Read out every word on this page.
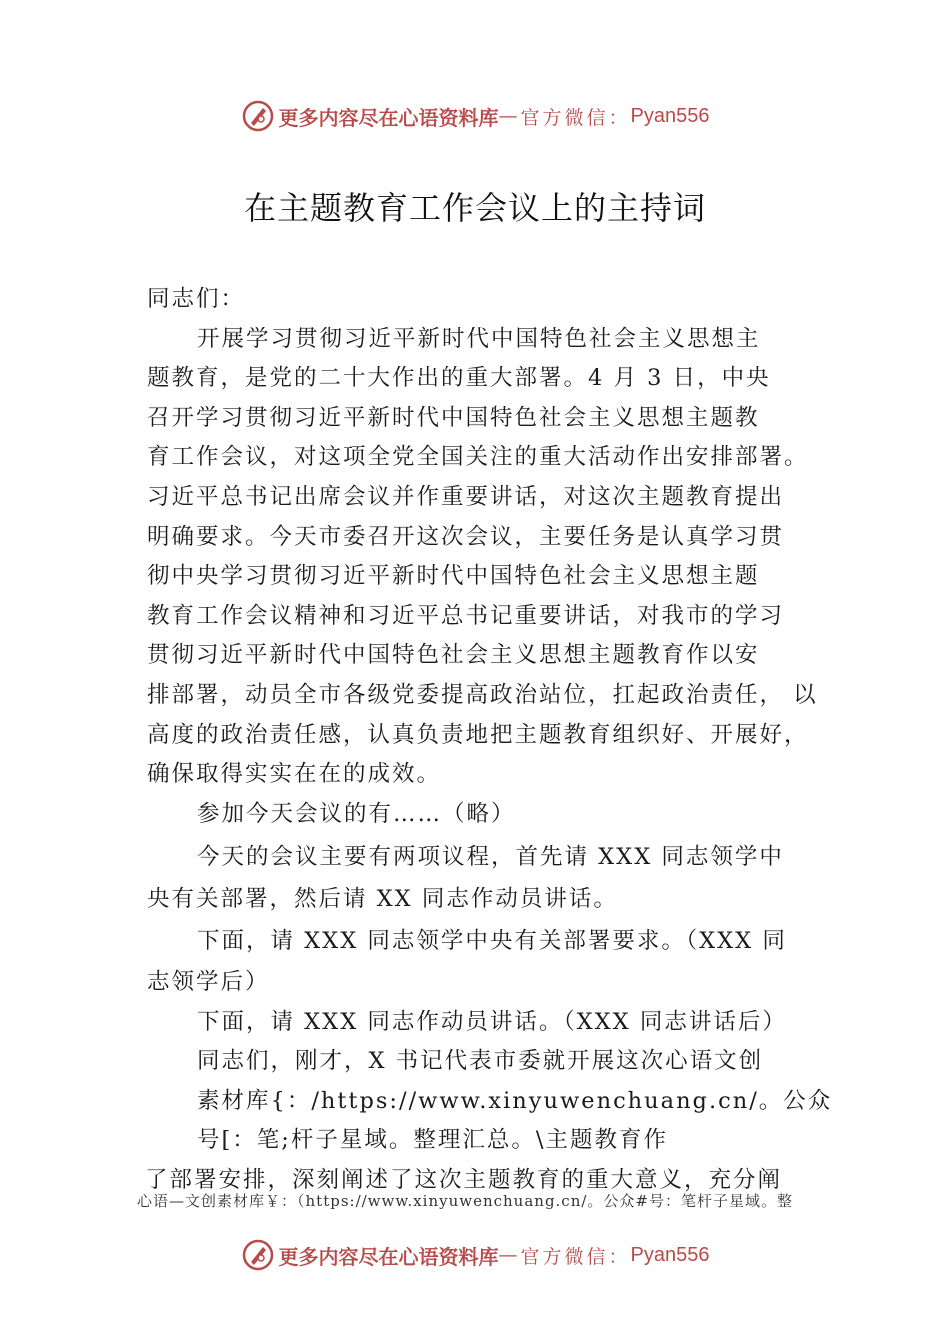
更多内容尽在心语资料库 — 官方微信： Pyan556
在主题教育工作会议上的主持词
同志们：
开展学习贯彻习近平新时代中国特色社会主义思想主
题教育，是党的二十大作出的重大部署。4 月 3 日，中央
召开学习贯彻习近平新时代中国特色社会主义思想主题教
育工作会议，对这项全党全国关注的重大活动作出安排部署。
习近平总书记出席会议并作重要讲话，对这次主题教育提出
明确要求。今天市委召开这次会议，主要任务是认真学习贯
彻中央学习贯彻习近平新时代中国特色社会主义思想主题
教育工作会议精神和习近平总书记重要讲话，对我市的学习
贯彻习近平新时代中国特色社会主义思想主题教育作以安
排部署，动员全市各级党委提高政治站位，扛起政治责任， 以
高度的政治责任感，认真负责地把主题教育组织好、开展好，
确保取得实实在在的成效。
参加今天会议的有……（略）
今天的会议主要有两项议程，首先请 XXX 同志领学中
央有关部署，然后请 XX 同志作动员讲话。
下面，请 XXX 同志领学中央有关部署要求。（XXX 同
志领学后）
下面，请 XXX 同志作动员讲话。（XXX 同志讲话后）
同志们，刚才，X 书记代表市委就开展这次心语文创
素材库{：/https://www.xinyuwenchuang.cn/。公众
号[：笔;杆子星域。整理汇总。\主题教育作
了部署安排，深刻阐述了这次主题教育的重大意义，充分阐
心语—文创素材库￥：（https://www.xinyuwenchuang.cn/。公众#号：笔杆子星域。整
更多内容尽在心语资料库 — 官方微信： Pyan556
